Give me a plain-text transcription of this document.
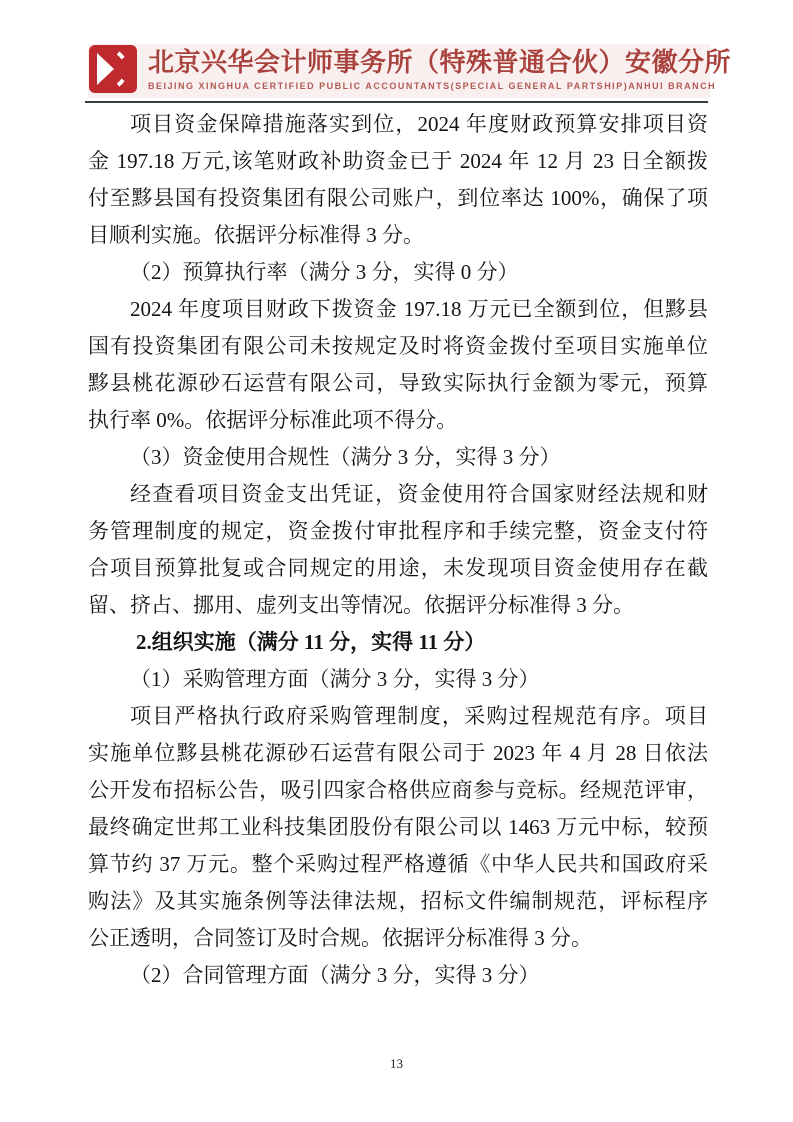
北京兴华会计师事务所（特殊普通合伙）安徽分所
BEIJING XINGHUA CERTIFIED PUBLIC ACCOUNTANTS(SPECIAL GENERAL PARTSHIP)ANHUI BRANCH
项目资金保障措施落实到位，2024 年度财政预算安排项目资
金 197.18 万元,该笔财政补助资金已于 2024 年 12 月 23 日全额拨
付至黟县国有投资集团有限公司账户，到位率达 100%，确保了项
目顺利实施。依据评分标准得 3 分。
（2）预算执行率（满分 3 分，实得 0 分）
2024 年度项目财政下拨资金 197.18 万元已全额到位，但黟县
国有投资集团有限公司未按规定及时将资金拨付至项目实施单位
黟县桃花源砂石运营有限公司，导致实际执行金额为零元，预算
执行率 0%。依据评分标准此项不得分。
（3）资金使用合规性（满分 3 分，实得 3 分）
经查看项目资金支出凭证，资金使用符合国家财经法规和财
务管理制度的规定，资金拨付审批程序和手续完整，资金支付符
合项目预算批复或合同规定的用途，未发现项目资金使用存在截
留、挤占、挪用、虚列支出等情况。依据评分标准得 3 分。
2.组织实施（满分 11 分，实得 11 分）
（1）采购管理方面（满分 3 分，实得 3 分）
项目严格执行政府采购管理制度，采购过程规范有序。项目
实施单位黟县桃花源砂石运营有限公司于 2023 年 4 月 28 日依法
公开发布招标公告，吸引四家合格供应商参与竞标。经规范评审，
最终确定世邦工业科技集团股份有限公司以 1463 万元中标，较预
算节约 37 万元。整个采购过程严格遵循《中华人民共和国政府采
购法》及其实施条例等法律法规，招标文件编制规范，评标程序
公正透明，合同签订及时合规。依据评分标准得 3 分。
（2）合同管理方面（满分 3 分，实得 3 分）
13
